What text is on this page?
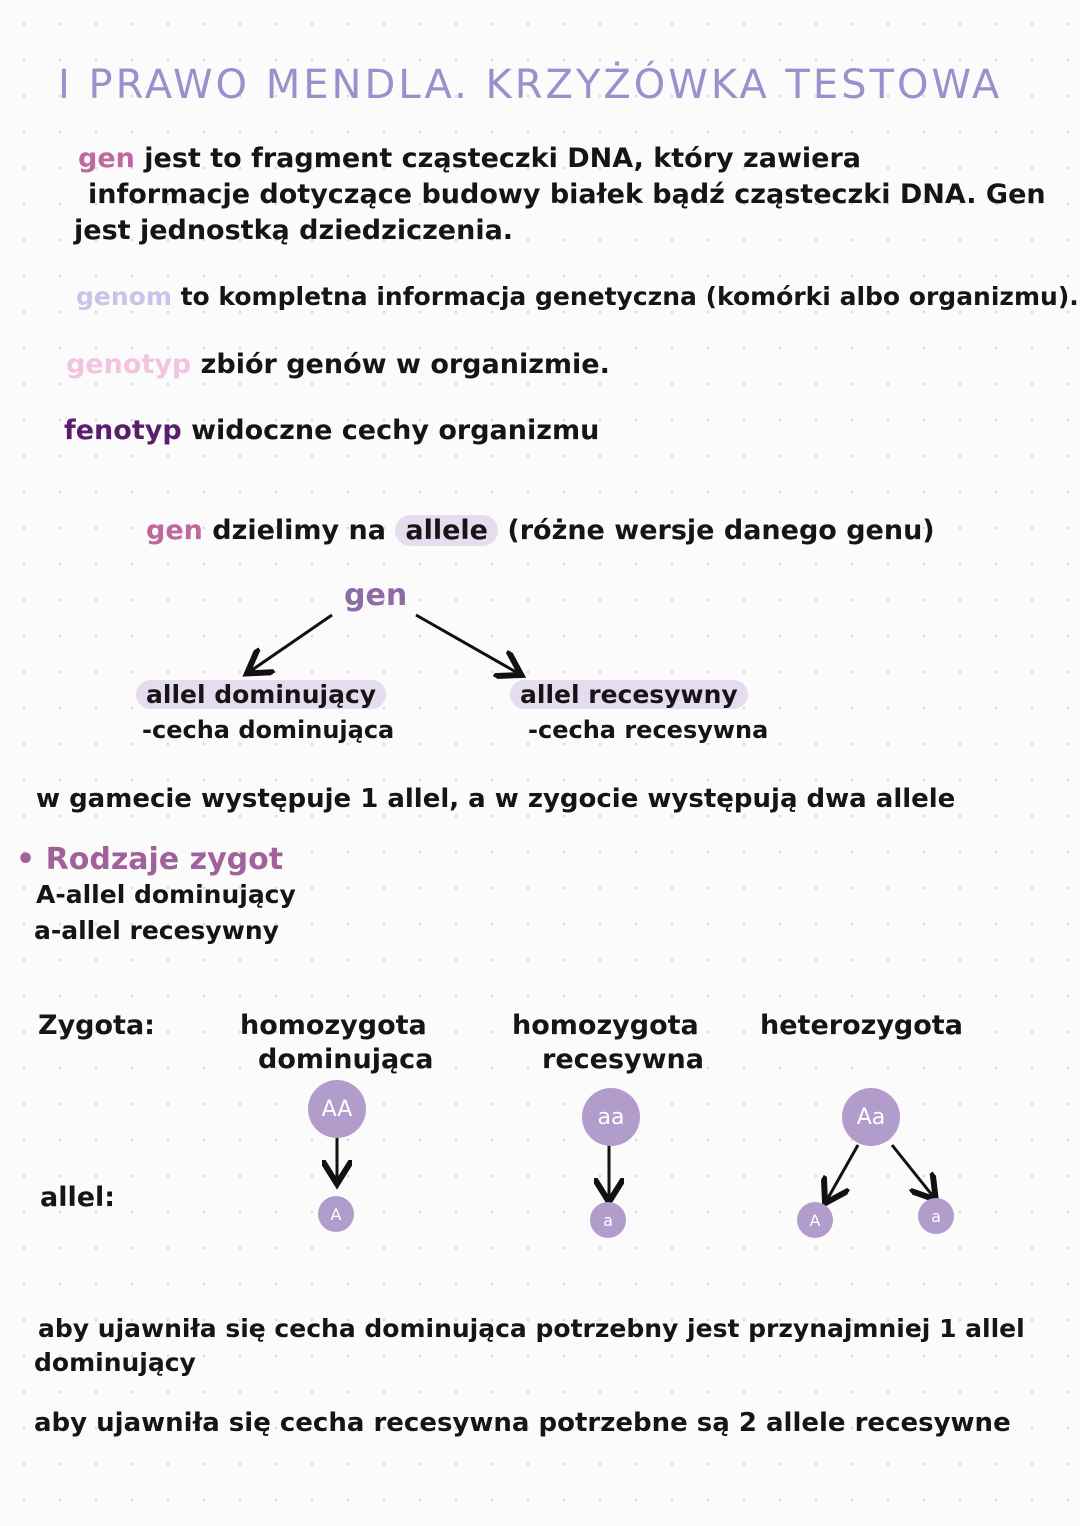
I PRAWO MENDLA. KRZYŻÓWKA TESTOWA
gen jest to fragment cząsteczki DNA, który zawiera
informacje dotyczące budowy białek bądź cząsteczki DNA. Gen
jest jednostką dziedziczenia.
genom to kompletna informacja genetyczna (komórki albo organizmu).
genotyp zbiór genów w organizmie.
fenotyp widoczne cechy organizmu
gen dzielimy na allele (różne wersje danego genu)
gen
allel dominujący
-cecha dominująca
allel recesywny
-cecha recesywna
w gamecie występuje 1 allel, a w zygocie występują dwa allele
• Rodzaje zygot
A-allel dominujący
a-allel recesywny
Zygota:
allel:
homozygota
dominująca
AA
A
homozygota
recesywna
aa
a
heterozygota
Aa
A	a
aby ujawniła się cecha dominująca potrzebny jest przynajmniej 1 allel
dominujący
aby ujawniła się cecha recesywna potrzebne są 2 allele recesywne
